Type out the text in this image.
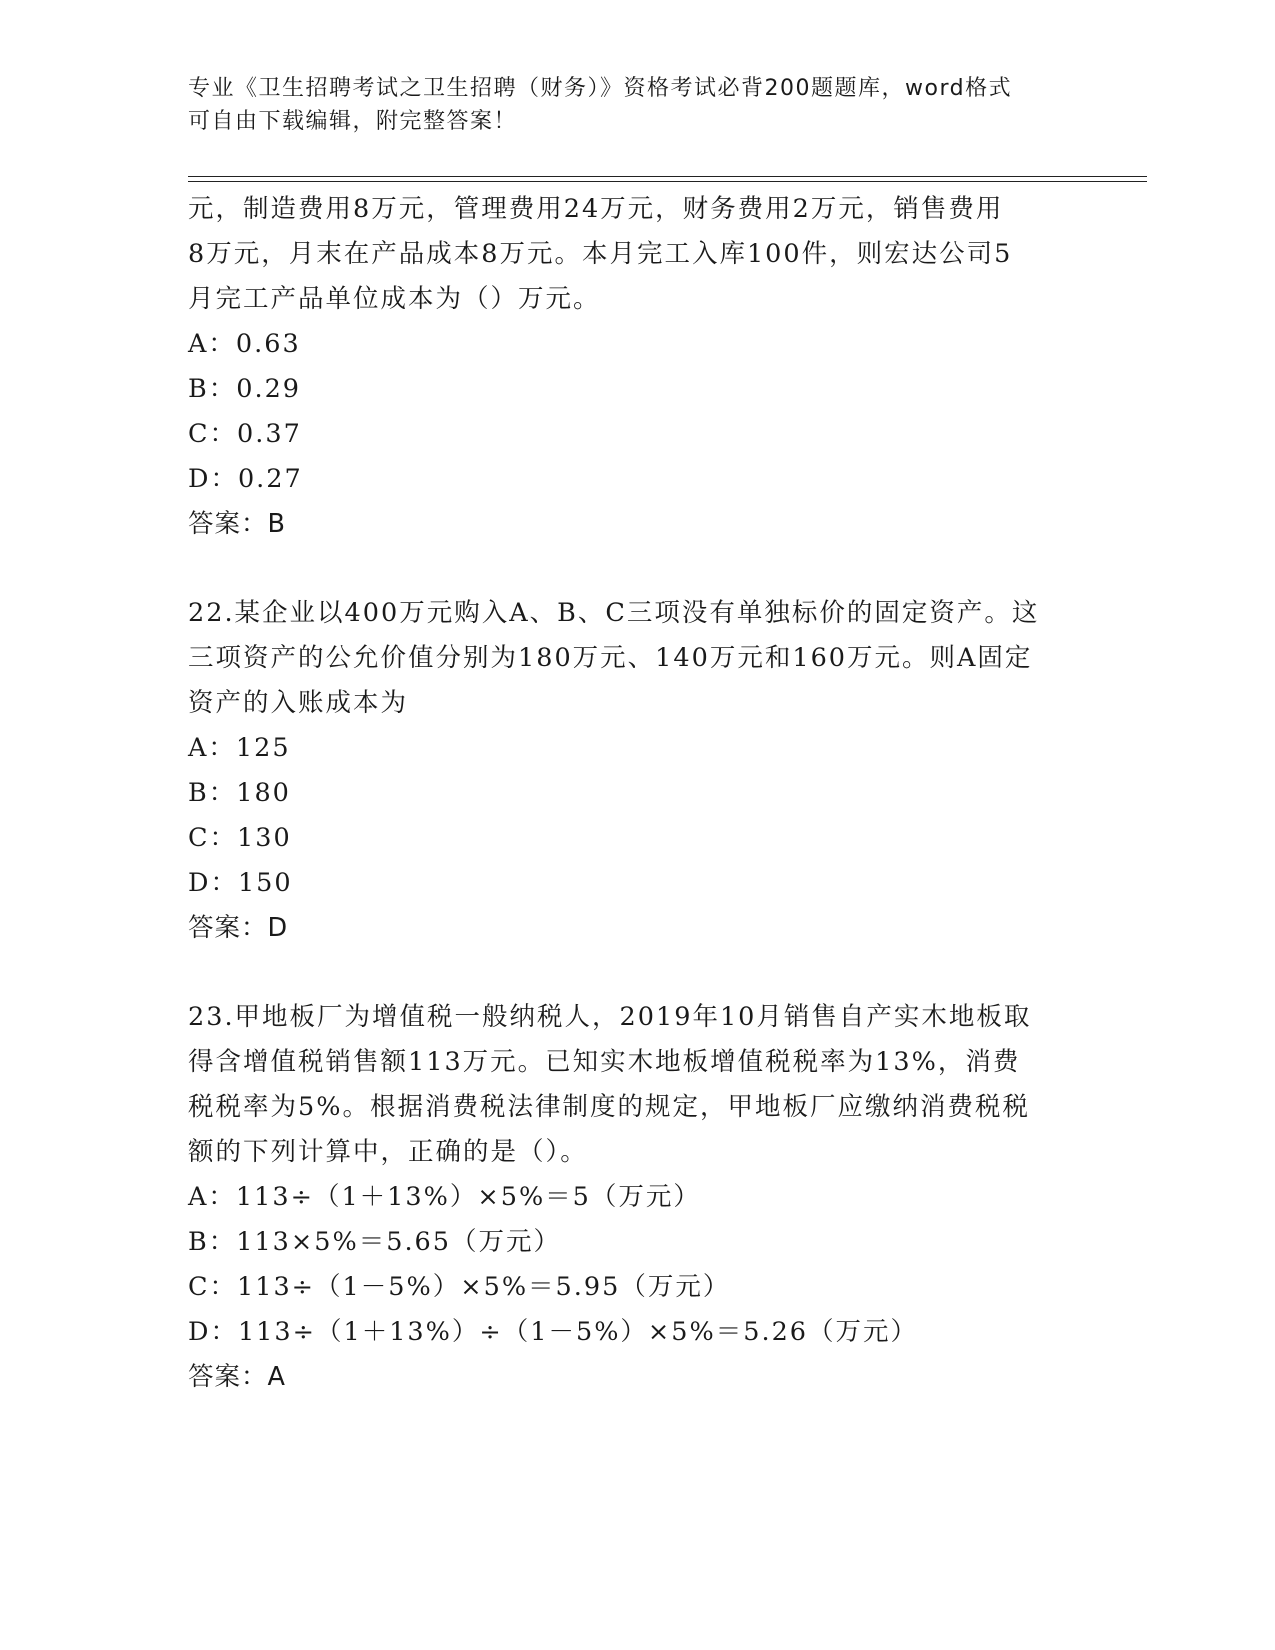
专业《卫生招聘考试之卫生招聘（财务）》资格考试必背200题题库，word格式
可自由下载编辑，附完整答案！

元，制造费用8万元，管理费用24万元，财务费用2万元，销售费用

8万元，月末在产品成本8万元。本月完工入库100件，则宏达公司5

月完工产品单位成本为（）万元。

A：0.63
B：0.29
C：0.37
D：0.27
答案：B

22.某企业以400万元购入A、B、C三项没有单独标价的固定资产。这

三项资产的公允价值分别为180万元、140万元和160万元。则A固定

资产的入账成本为

A：125
B：180
C：130
D：150
答案：D

23.甲地板厂为增值税一般纳税人，2019年10月销售自产实木地板取

得含增值税销售额113万元。已知实木地板增值税税率为13%，消费

税税率为5%。根据消费税法律制度的规定，甲地板厂应缴纳消费税税

额的下列计算中，正确的是（）。

A：113÷（1＋13%）×5%＝5（万元）
B：113×5%＝5.65（万元）
C：113÷（1－5%）×5%＝5.95（万元）
D：113÷（1＋13%）÷（1－5%）×5%＝5.26（万元）
答案：A
